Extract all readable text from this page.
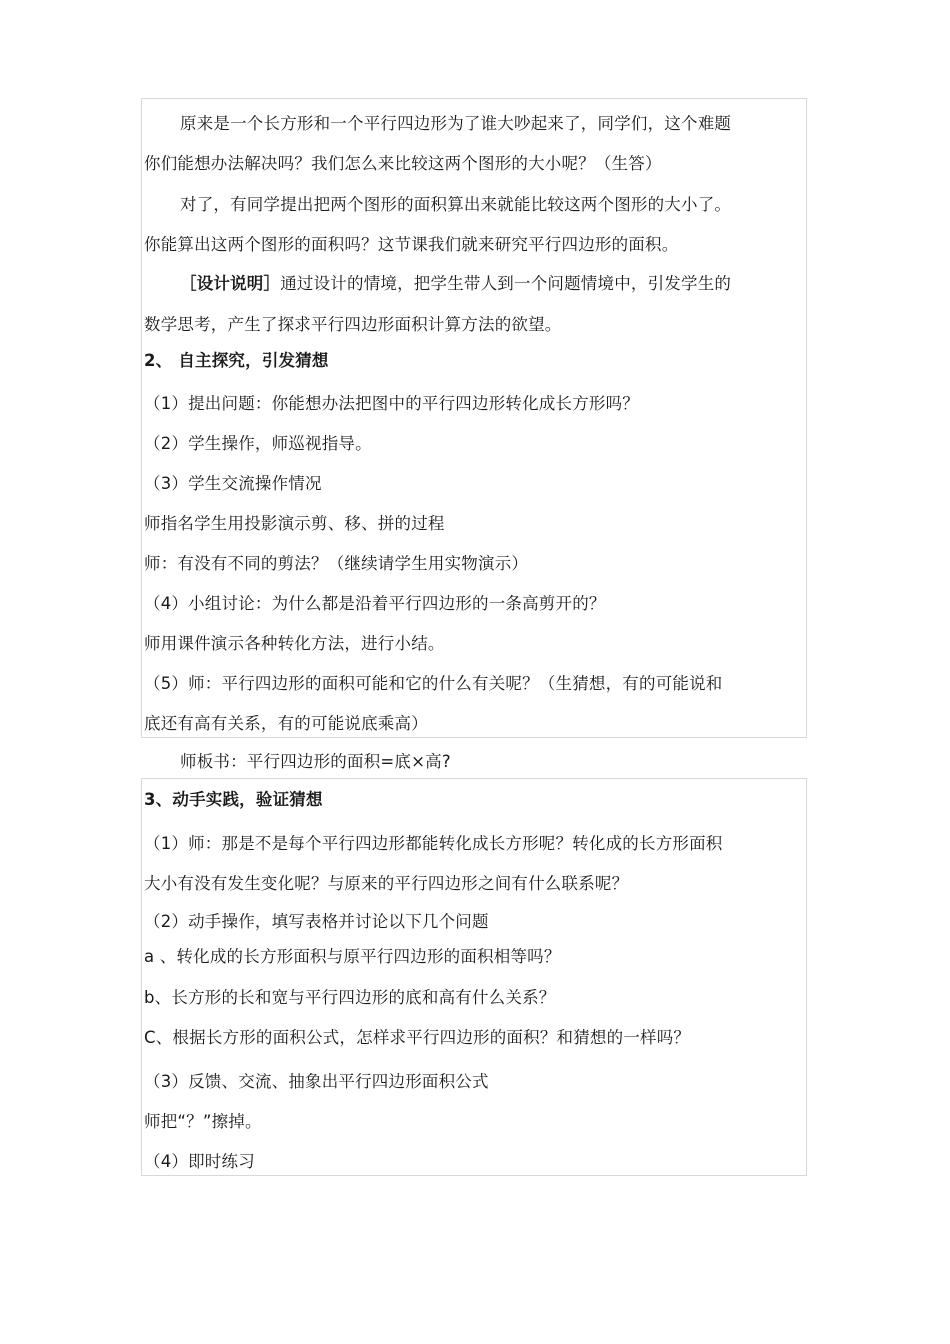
原来是一个长方形和一个平行四边形为了谁大吵起来了，同学们，这个难题
你们能想办法解决吗？我们怎么来比较这两个图形的大小呢？（生答）
对了，有同学提出把两个图形的面积算出来就能比较这两个图形的大小了。
你能算出这两个图形的面积吗？这节课我们就来研究平行四边形的面积。
［设计说明］通过设计的情境，把学生带人到一个问题情境中，引发学生的
数学思考，产生了探求平行四边形面积计算方法的欲望。
2、 自主探究，引发猜想
（1）提出问题：你能想办法把图中的平行四边形转化成长方形吗？
（2）学生操作，师巡视指导。
（3）学生交流操作情况
师指名学生用投影演示剪、移、拼的过程
师：有没有不同的剪法？（继续请学生用实物演示）
（4）小组讨论：为什么都是沿着平行四边形的一条高剪开的？
师用课件演示各种转化方法，进行小结。
（5）师：平行四边形的面积可能和它的什么有关呢？（生猜想，有的可能说和
底还有高有关系，有的可能说底乘高）
师板书：平行四边形的面积=底×高?
3、动手实践，验证猜想
（1）师：那是不是每个平行四边形都能转化成长方形呢？转化成的长方形面积
大小有没有发生变化呢？与原来的平行四边形之间有什么联系呢？
（2）动手操作，填写表格并讨论以下几个问题
a 、转化成的长方形面积与原平行四边形的面积相等吗？
b、长方形的长和宽与平行四边形的底和高有什么关系？
C、根据长方形的面积公式，怎样求平行四边形的面积？和猜想的一样吗？
（3）反馈、交流、抽象出平行四边形面积公式
师把“？”擦掉。
（4）即时练习
